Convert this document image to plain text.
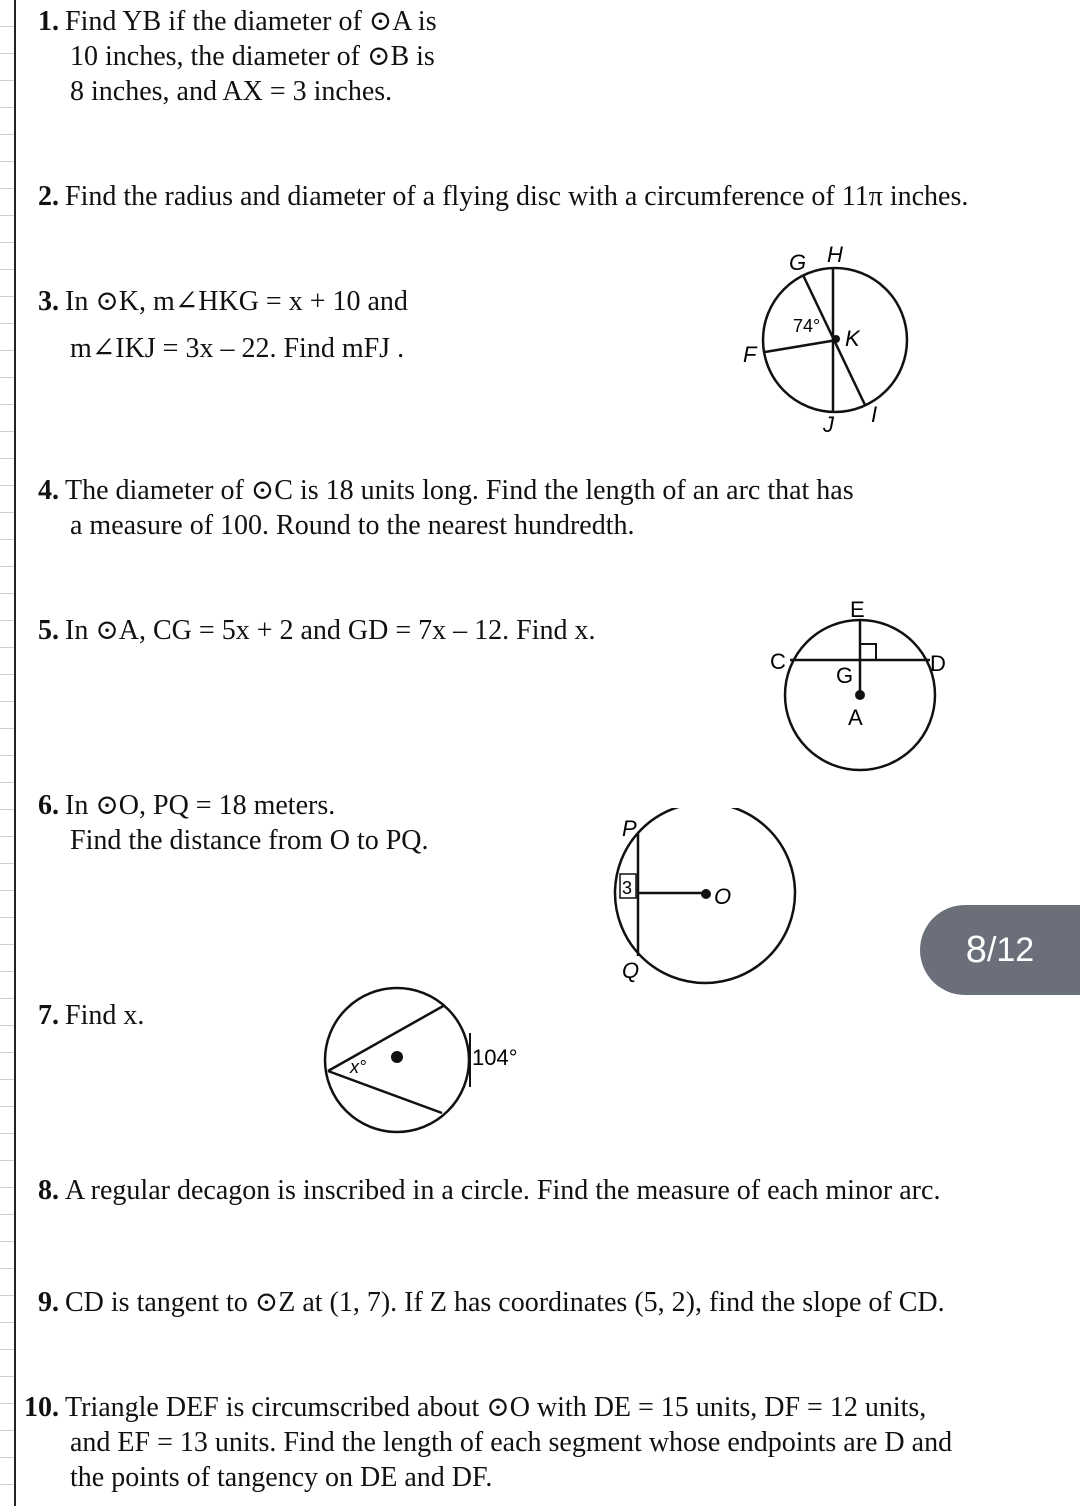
1. Find YB if the diameter of ⊙A is
10 inches, the diameter of ⊙B is
8 inches, and AX = 3 inches.
2. Find the radius and diameter of a flying disc with a circumference of 11π inches.
3. In ⊙K, m∠HKG = x + 10 and
m∠IKJ = 3x – 22. Find mFJ .
G H
F
K
J I
74°
4. The diameter of ⊙C is 18 units long. Find the length of an arc that has
a measure of 100. Round to the nearest hundredth.
5. In ⊙A, CG = 5x + 2 and GD = 7x – 12. Find x.
E
C	D
G
A
6. In ⊙O, PQ = 18 meters.
Find the distance from O to PQ.	P
Q
O
3
8 /12
7. Find x.
x°	104°
8. A regular decagon is inscribed in a circle. Find the measure of each minor arc.
9. CD is tangent to ⊙Z at (1, 7). If Z has coordinates (5, 2), find the slope of CD.
10. Triangle DEF is circumscribed about ⊙O with DE = 15 units, DF = 12 units,
and EF = 13 units. Find the length of each segment whose endpoints are D and
the points of tangency on DE and DF.
